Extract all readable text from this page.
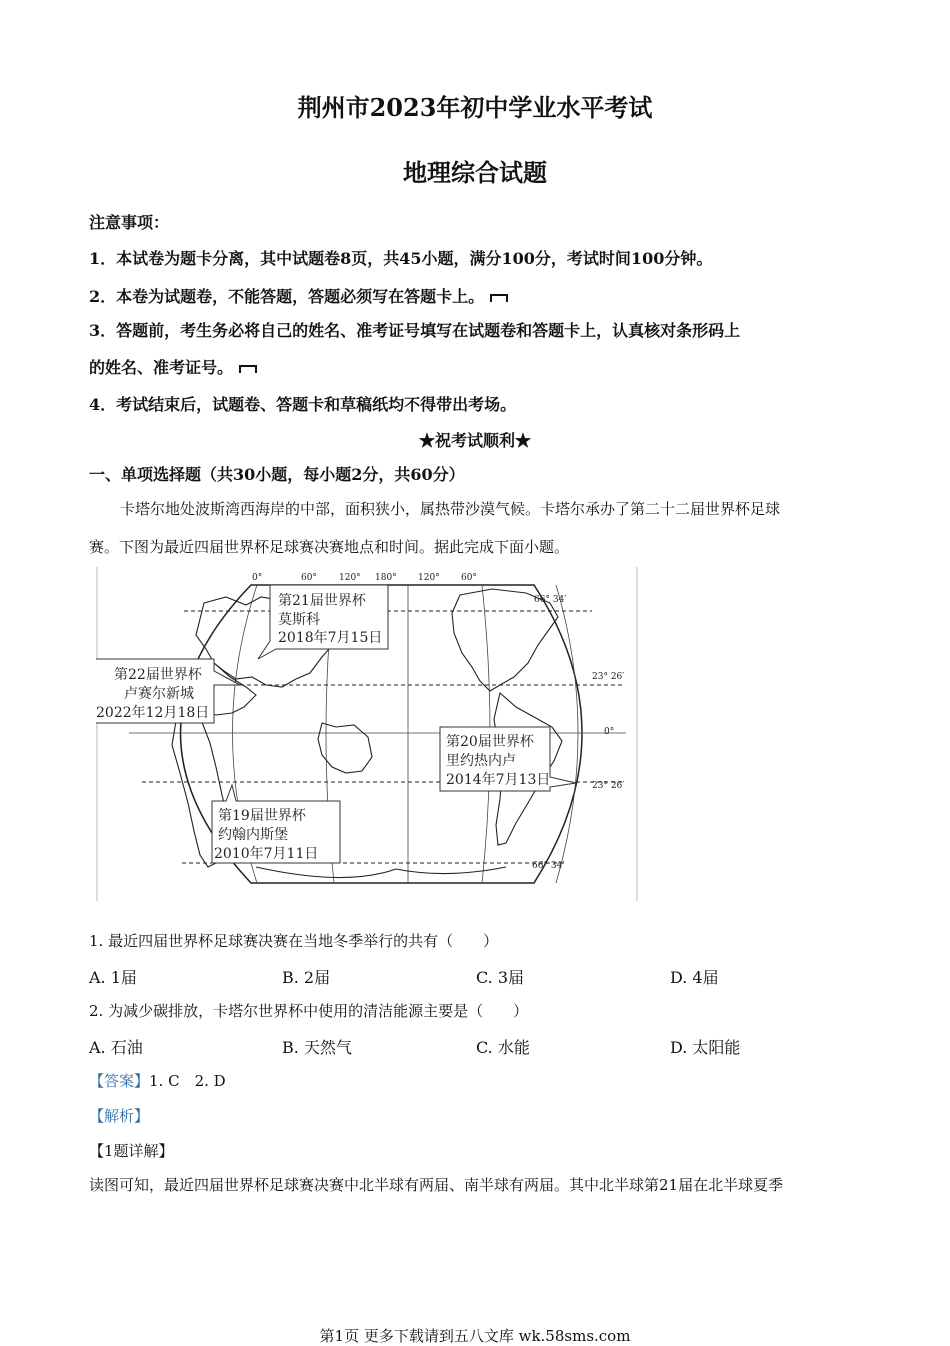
荆州市2023年初中学业水平考试
地理综合试题
注意事项：
1．本试卷为题卡分离，其中试题卷8页，共45小题，满分100分，考试时间100分钟。
2．本卷为试题卷，不能答题，答题必须写在答题卡上。
3．答题前，考生务必将自己的姓名、准考证号填写在试题卷和答题卡上，认真核对条形码上
的姓名、准考证号。
4．考试结束后，试题卷、答题卡和草稿纸均不得带出考场。
★祝考试顺利★
一、单项选择题（共30小题，每小题2分，共60分）
卡塔尔地处波斯湾西海岸的中部，面积狭小，属热带沙漠气候。卡塔尔承办了第二十二届世界杯足球
赛。下图为最近四届世界杯足球赛决赛地点和时间。据此完成下面小题。
0°	60° 120° 180° 120° 60°
66° 34′
23° 26′
0°
23° 26′
66° 34′
第21届世界杯
莫斯科
2018年7月15日
第22届世界杯
卢赛尔新城
2022年12月18日
第20届世界杯
里约热内卢
2014年7月13日
第19届世界杯
约翰内斯堡
2010年7月11日
1. 最近四届世界杯足球赛决赛在当地冬季举行的共有（　　）
A. 1届	B. 2届	C. 3届	D. 4届
2. 为减少碳排放，卡塔尔世界杯中使用的清洁能源主要是（　　）
A. 石油	B. 天然气	C. 水能	D. 太阳能
【答案】1. C　2. D
【解析】
【1题详解】
读图可知，最近四届世界杯足球赛决赛中北半球有两届、南半球有两届。其中北半球第21届在北半球夏季
第1页 更多下载请到五八文库 wk.58sms.com
